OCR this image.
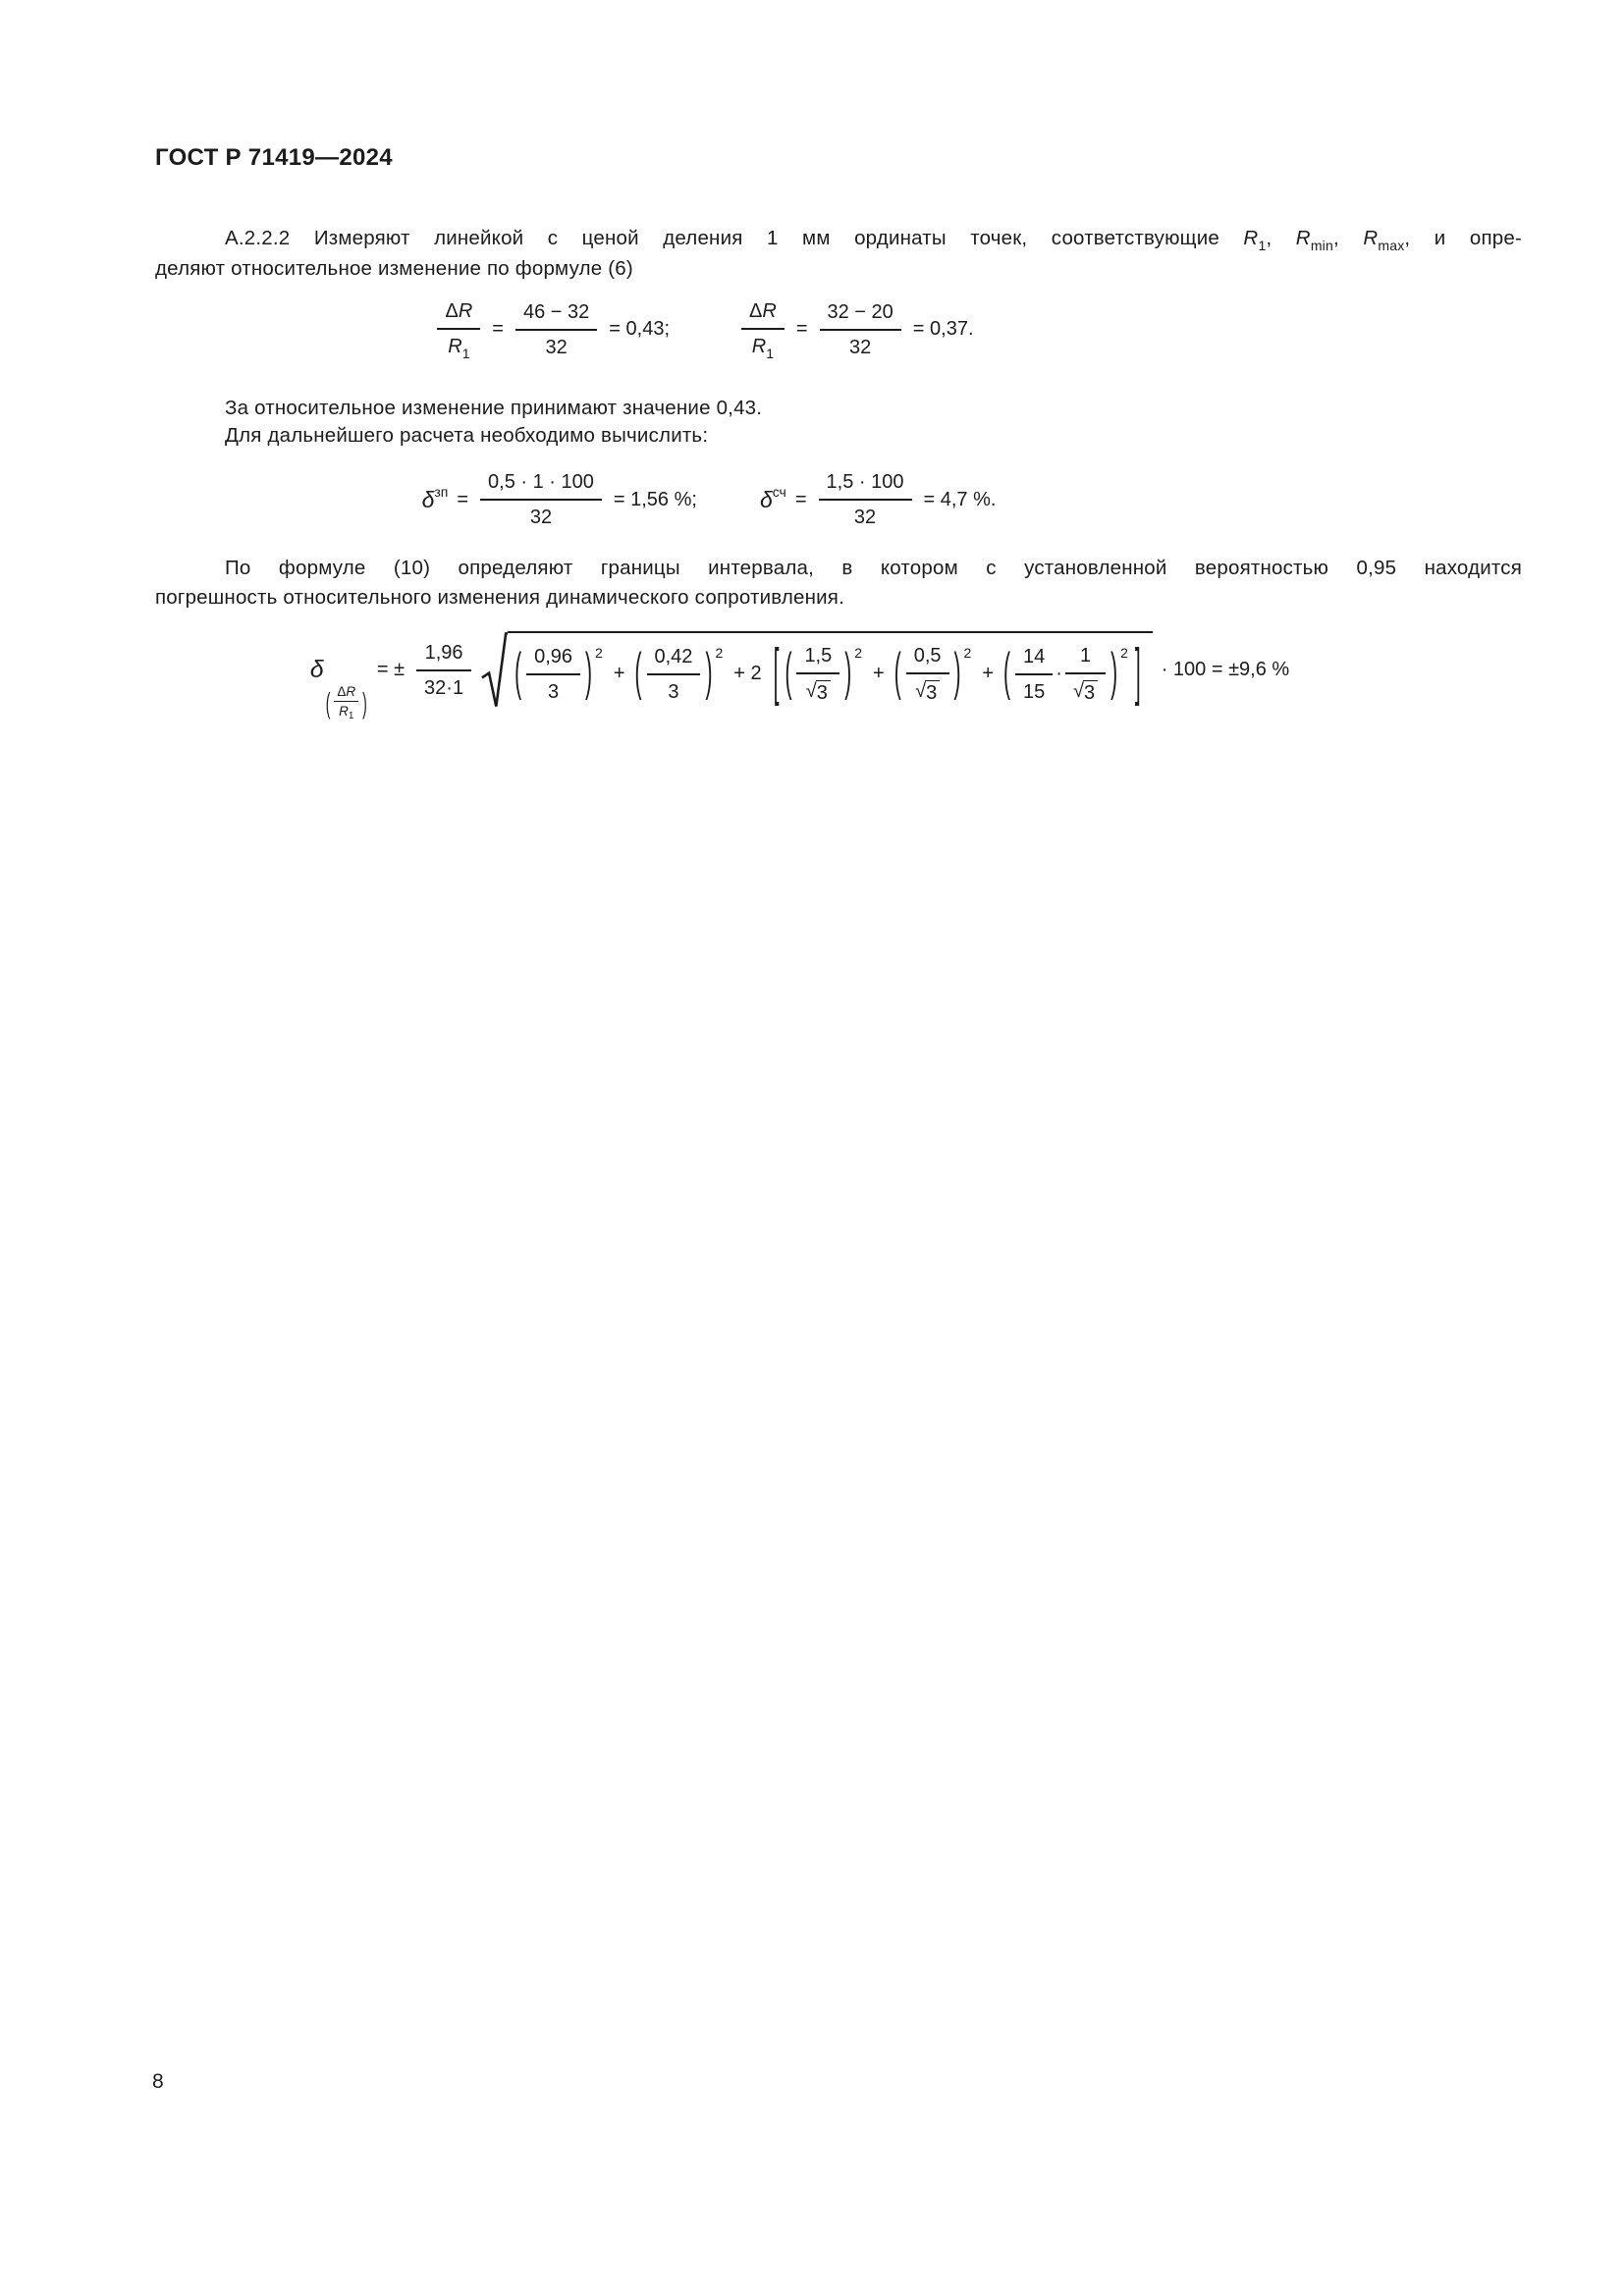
ГОСТ Р 71419—2024
А.2.2.2 Измеряют линейкой с ценой деления 1 мм ординаты точек, соответствующие $R_1$, $R_{min}$, $R_{max}$, и опре-
деляют относительное изменение по формуле (6)
$\frac{\Delta R}{R_1} = \frac{46 - 32}{32} = 0,43$;	$\frac{\Delta R}{R_1} = \frac{32 - 20}{32} = 0,37$.
За относительное изменение принимают значение 0,43.
Для дальнейшего расчета необходимо вычислить:
δ зп = $\frac{0,5 \cdot 1 \cdot 100}{32} = 1,56$ %;	δ сч = $\frac{1,5 \cdot 100}{32} = 4,7$ %.
По формуле (10) определяют границы интервала, в котором с установленной вероятностью 0,95 находится
погрешность относительного изменения динамического сопротивления.
δ
( $\frac{\Delta R}{R_1}$ )
= ± $\frac{1,96}{32\cdot 1}$ ( $\frac{0,96}{3}$ ) 2
+ ( $\frac{0,42}{3}$ ) 2
+ 2 [ ( $\frac{1,5}{√ 3}$ ) 2
+ ( $\frac{0,5}{√ 3}$ ) 2
+ ( $\frac{14}{15} \cdot \frac{1}{√ 3}$ ) 2 ] · 100 = ±9,6 %
8
